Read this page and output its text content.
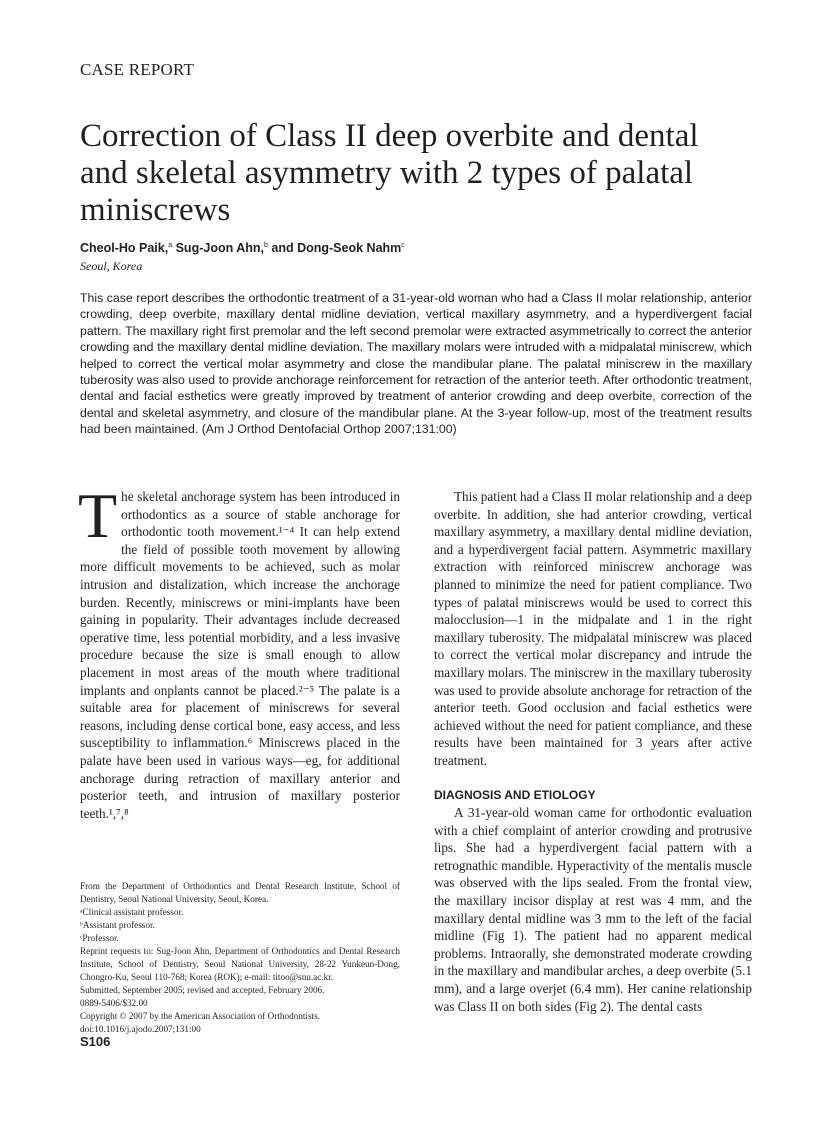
CASE REPORT
Correction of Class II deep overbite and dental and skeletal asymmetry with 2 types of palatal miniscrews
Cheol-Ho Paik,$^a$ Sug-Joon Ahn,$^b$ and Dong-Seok Nahm$^c$
Seoul, Korea
This case report describes the orthodontic treatment of a 31-year-old woman who had a Class II molar relationship, anterior crowding, deep overbite, maxillary dental midline deviation, vertical maxillary asymmetry, and a hyperdivergent facial pattern. The maxillary right first premolar and the left second premolar were extracted asymmetrically to correct the anterior crowding and the maxillary dental midline deviation. The maxillary molars were intruded with a midpalatal miniscrew, which helped to correct the vertical molar asymmetry and close the mandibular plane. The palatal miniscrew in the maxillary tuberosity was also used to provide anchorage reinforcement for retraction of the anterior teeth. After orthodontic treatment, dental and facial esthetics were greatly improved by treatment of anterior crowding and deep overbite, correction of the dental and skeletal asymmetry, and closure of the mandibular plane. At the 3-year follow-up, most of the treatment results had been maintained. (Am J Orthod Dentofacial Orthop 2007;131:00)

The skeletal anchorage system has been introduced in orthodontics as a source of stable anchorage for orthodontic tooth movement.¹⁻⁴ It can help extend the field of possible tooth movement by allowing more difficult movements to be achieved, such as molar intrusion and distalization, which increase the anchorage burden. Recently, miniscrews or mini-implants have been gaining in popularity. Their advantages include decreased operative time, less potential morbidity, and a less invasive procedure because the size is small enough to allow placement in most areas of the mouth where traditional implants and onplants cannot be placed.²⁻⁵ The palate is a suitable area for placement of miniscrews for several reasons, including dense cortical bone, easy access, and less susceptibility to inflammation.⁶ Miniscrews placed in the palate have been used in various ways—eg, for additional anchorage during retraction of maxillary anterior and posterior teeth, and intrusion of maxillary posterior teeth.¹,⁷,⁸

This patient had a Class II molar relationship and a deep overbite. In addition, she had anterior crowding, vertical maxillary asymmetry, a maxillary dental midline deviation, and a hyperdivergent facial pattern. Asymmetric maxillary extraction with reinforced miniscrew anchorage was planned to minimize the need for patient compliance. Two types of palatal miniscrews would be used to correct this malocclusion—1 in the midpalate and 1 in the right maxillary tuberosity. The midpalatal miniscrew was placed to correct the vertical molar discrepancy and intrude the maxillary molars. The miniscrew in the maxillary tuberosity was used to provide absolute anchorage for retraction of the anterior teeth. Good occlusion and facial esthetics were achieved without the need for patient compliance, and these results have been maintained for 3 years after active treatment.

DIAGNOSIS AND ETIOLOGY

A 31-year-old woman came for orthodontic evaluation with a chief complaint of anterior crowding and protrusive lips. She had a hyperdivergent facial pattern with a retrognathic mandible. Hyperactivity of the mentalis muscle was observed with the lips sealed. From the frontal view, the maxillary incisor display at rest was 4 mm, and the maxillary dental midline was 3 mm to the left of the facial midline (Fig 1). The patient had no apparent medical problems. Intraorally, she demonstrated moderate crowding in the maxillary and mandibular arches, a deep overbite (5.1 mm), and a large overjet (6.4 mm). Her canine relationship was Class II on both sides (Fig 2). The dental casts

From the Department of Orthodontics and Dental Research Institute, School of Dentistry, Seoul National University, Seoul, Korea.
ᵃClinical assistant professor.
ᵇAssistant professor.
ᶜProfessor.
Reprint requests to: Sug-Joon Ahn, Department of Orthodontics and Dental Research Institute, School of Dentistry, Seoul National University, 28-22 Yunkeun-Dong, Chongro-Ku, Seoul 110-768; Korea (ROK); e-mail: titoo@snu.ac.kr.
Submitted, September 2005; revised and accepted, February 2006.
0889-5406/$32.00
Copyright © 2007 by the American Association of Orthodontists.
doi:10.1016/j.ajodo.2007;131:00
S106
